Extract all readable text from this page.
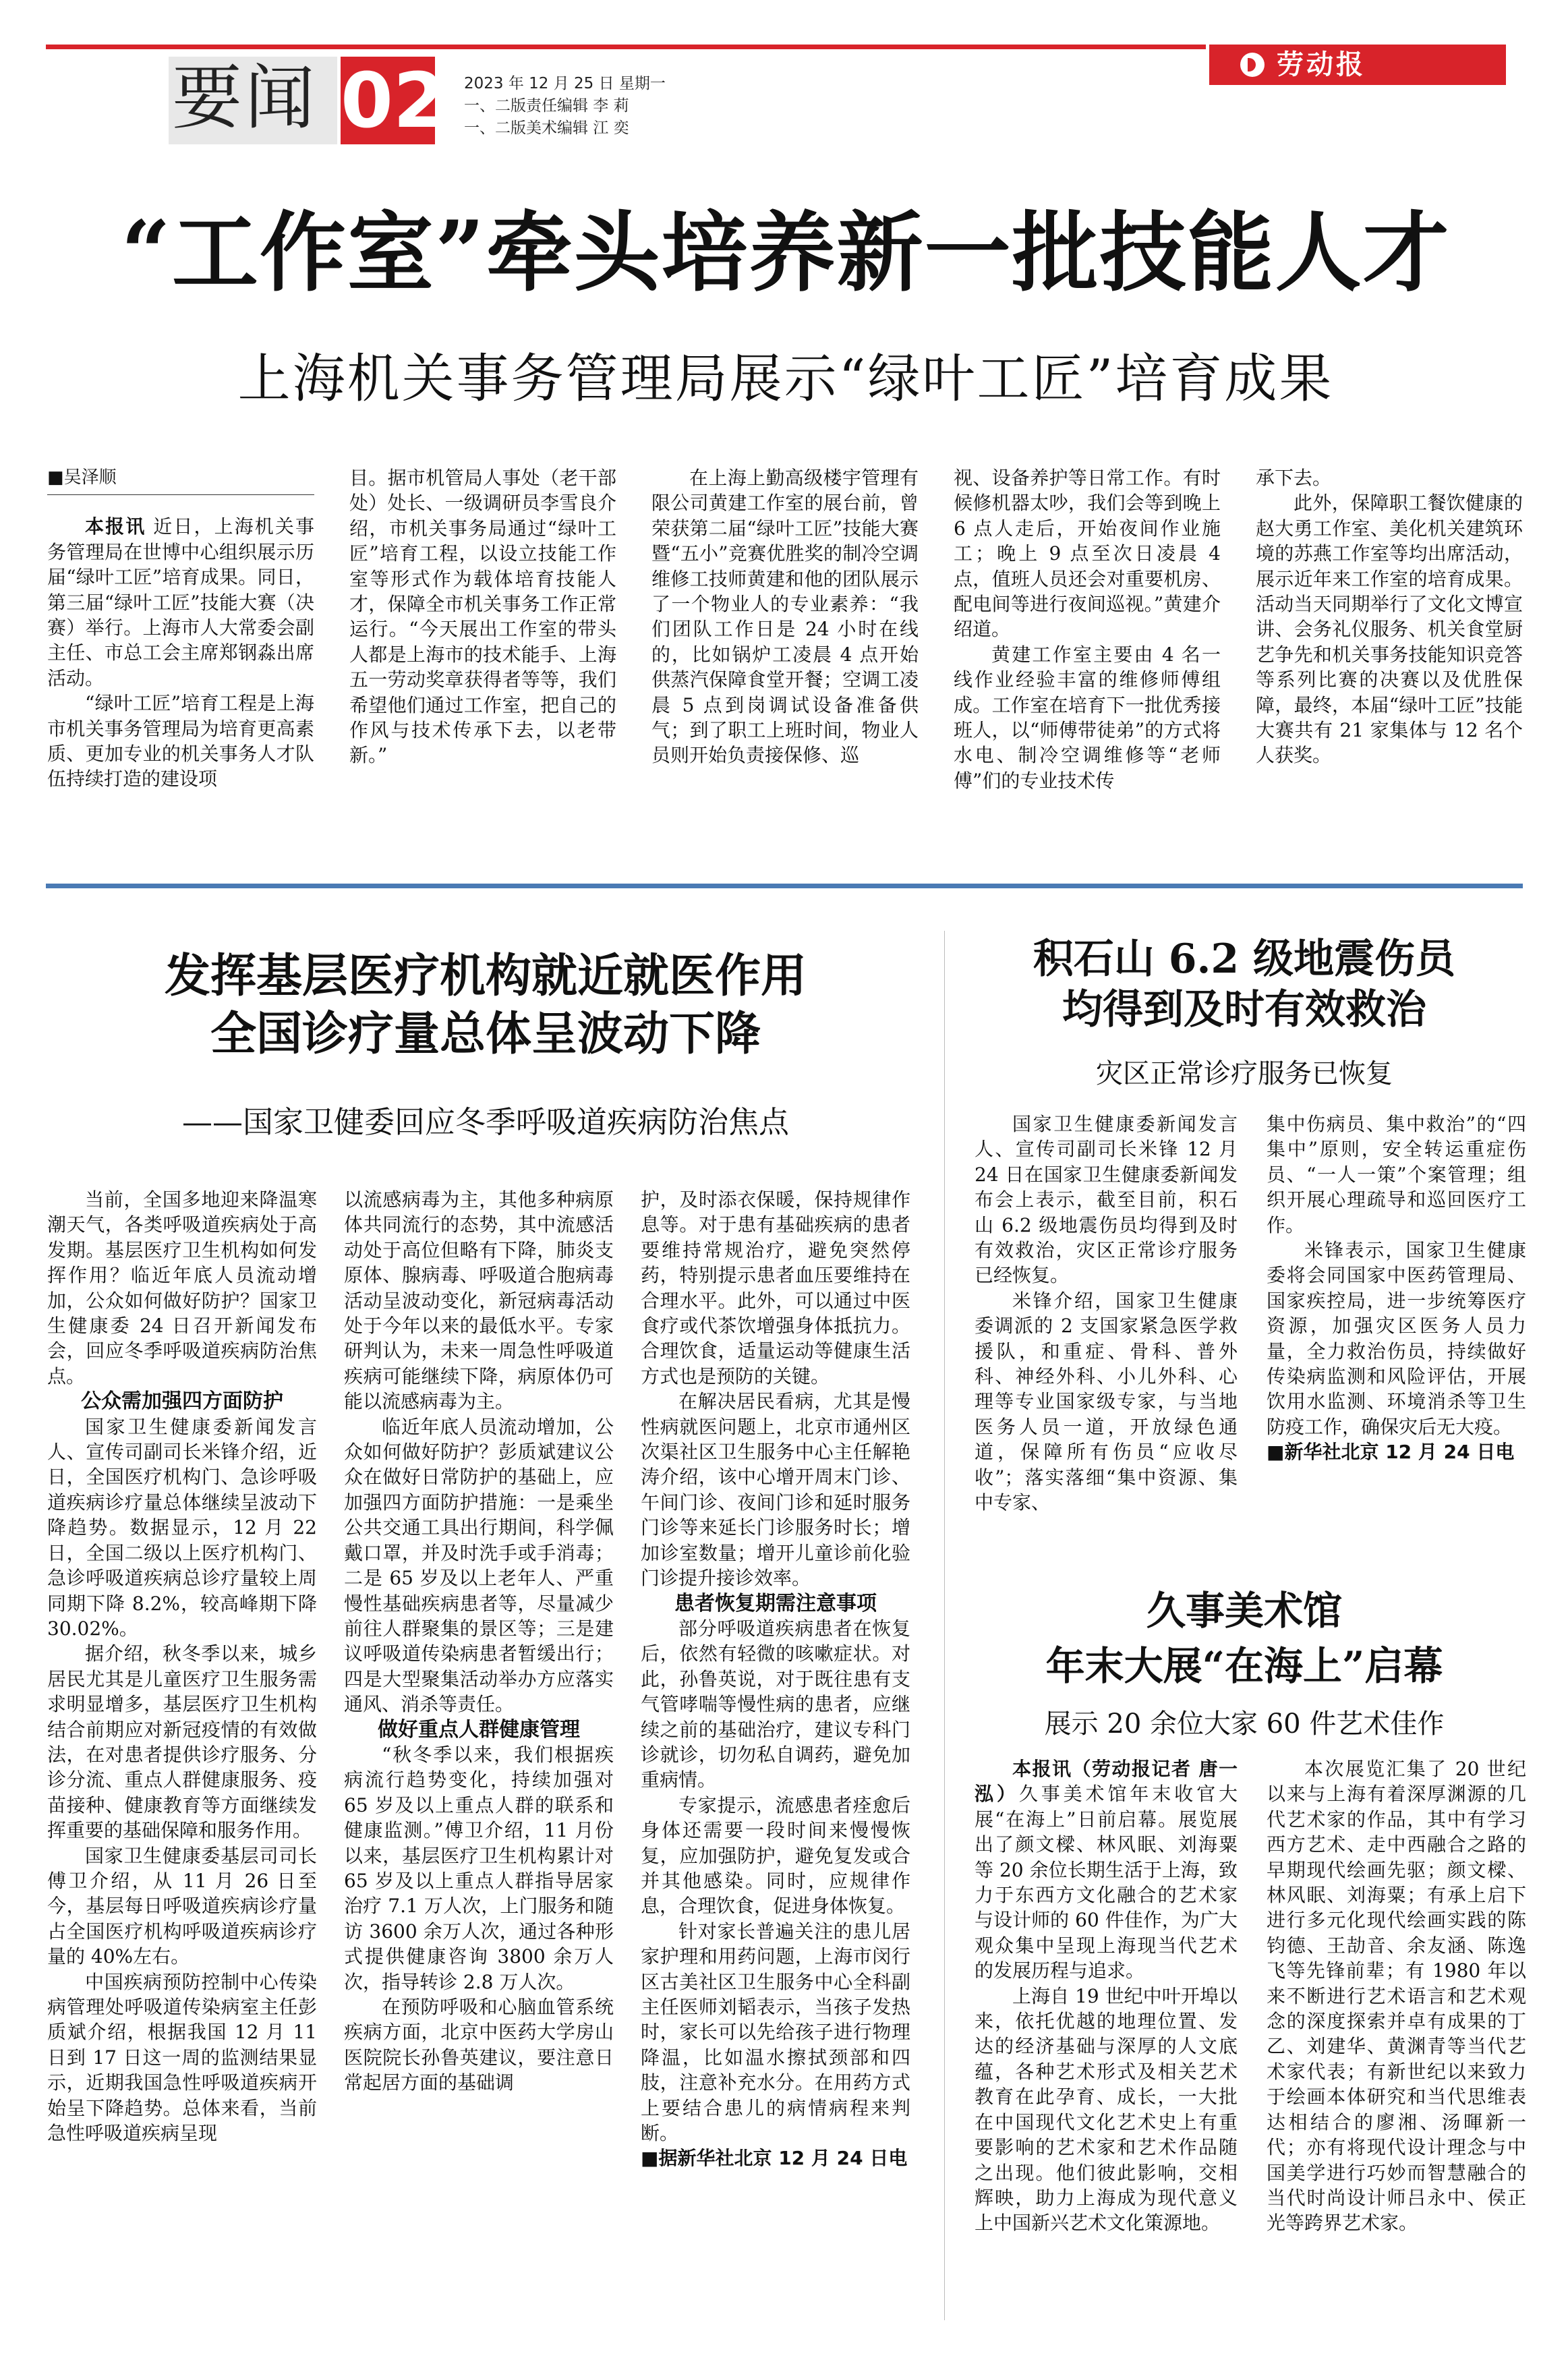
要闻 02 2023 年 12 月 25 日 星期一
一、二版责任编辑 李 莉
一、二版美术编辑 江 奕
劳动报
“工作室”牵头培养新一批技能人才
上海机关事务管理局展示“绿叶工匠”培育成果
■吴泽顺

本报讯 近日，上海机关事务管理局在世博中心组织展示历届“绿叶工匠”培育成果。同日，第三届“绿叶工匠”技能大赛（决赛）举行。上海市人大常委会副主任、市总工会主席郑钢淼出席活动。

“绿叶工匠”培育工程是上海市机关事务管理局为培育更高素质、更加专业的机关事务人才队伍持续打造的建设项

目。据市机管局人事处（老干部处）处长、一级调研员李雪良介绍，市机关事务局通过“绿叶工匠”培育工程，以设立技能工作室等形式作为载体培育技能人才，保障全市机关事务工作正常运行。“今天展出工作室的带头人都是上海市的技术能手、上海五一劳动奖章获得者等等，我们希望他们通过工作室，把自己的作风与技术传承下去，以老带新。”

在上海上勤高级楼宇管理有限公司黄建工作室的展台前，曾荣获第二届“绿叶工匠”技能大赛暨“五小”竞赛优胜奖的制冷空调维修工技师黄建和他的团队展示了一个物业人的专业素养：“我们团队工作日是 24 小时在线的，比如锅炉工凌晨 4 点开始供蒸汽保障食堂开餐；空调工凌晨 5 点到岗调试设备准备供气；到了职工上班时间，物业人员则开始负责接保修、巡

视、设备养护等日常工作。有时候修机器太吵，我们会等到晚上 6 点人走后，开始夜间作业施工；晚上 9 点至次日凌晨 4 点，值班人员还会对重要机房、配电间等进行夜间巡视。”黄建介绍道。

黄建工作室主要由 4 名一线作业经验丰富的维修师傅组成。工作室在培育下一批优秀接班人，以“师傅带徒弟”的方式将水电、制冷空调维修等“老师傅”们的专业技术传

承下去。

此外，保障职工餐饮健康的赵大勇工作室、美化机关建筑环境的苏燕工作室等均出席活动，展示近年来工作室的培育成果。活动当天同期举行了文化文博宣讲、会务礼仪服务、机关食堂厨艺争先和机关事务技能知识竞答等系列比赛的决赛以及优胜保障，最终，本届“绿叶工匠”技能大赛共有 21 家集体与 12 名个人获奖。

发挥基层医疗机构就近就医作用
全国诊疗量总体呈波动下降
——国家卫健委回应冬季呼吸道疾病防治焦点

当前，全国多地迎来降温寒潮天气，各类呼吸道疾病处于高发期。基层医疗卫生机构如何发挥作用？临近年底人员流动增加，公众如何做好防护？国家卫生健康委 24 日召开新闻发布会，回应冬季呼吸道疾病防治焦点。

公众需加强四方面防护

国家卫生健康委新闻发言人、宣传司副司长米锋介绍，近日，全国医疗机构门、急诊呼吸道疾病诊疗量总体继续呈波动下降趋势。数据显示，12 月 22 日，全国二级以上医疗机构门、急诊呼吸道疾病总诊疗量较上周同期下降 8.2%，较高峰期下降 30.02%。

据介绍，秋冬季以来，城乡居民尤其是儿童医疗卫生服务需求明显增多，基层医疗卫生机构结合前期应对新冠疫情的有效做法，在对患者提供诊疗服务、分诊分流、重点人群健康服务、疫苗接种、健康教育等方面继续发挥重要的基础保障和服务作用。

国家卫生健康委基层司司长傅卫介绍，从 11 月 26 日至今，基层每日呼吸道疾病诊疗量占全国医疗机构呼吸道疾病诊疗量的 40%左右。

中国疾病预防控制中心传染病管理处呼吸道传染病室主任彭质斌介绍，根据我国 12 月 11 日到 17 日这一周的监测结果显示，近期我国急性呼吸道疾病开始呈下降趋势。总体来看，当前急性呼吸道疾病呈现

以流感病毒为主，其他多种病原体共同流行的态势，其中流感活动处于高位但略有下降，肺炎支原体、腺病毒、呼吸道合胞病毒活动呈波动变化，新冠病毒活动处于今年以来的最低水平。专家研判认为，未来一周急性呼吸道疾病可能继续下降，病原体仍可能以流感病毒为主。

临近年底人员流动增加，公众如何做好防护？彭质斌建议公众在做好日常防护的基础上，应加强四方面防护措施：一是乘坐公共交通工具出行期间，科学佩戴口罩，并及时洗手或手消毒；二是 65 岁及以上老年人、严重慢性基础疾病患者等，尽量减少前往人群聚集的景区等；三是建议呼吸道传染病患者暂缓出行；四是大型聚集活动举办方应落实通风、消杀等责任。

做好重点人群健康管理

“秋冬季以来，我们根据疾病流行趋势变化，持续加强对 65 岁及以上重点人群的联系和健康监测。”傅卫介绍，11 月份以来，基层医疗卫生机构累计对 65 岁及以上重点人群指导居家治疗 7.1 万人次，上门服务和随访 3600 余万人次，通过各种形式提供健康咨询 3800 余万人次，指导转诊 2.8 万人次。

在预防呼吸和心脑血管系统疾病方面，北京中医药大学房山医院院长孙鲁英建议，要注意日常起居方面的基础调

护，及时添衣保暖，保持规律作息等。对于患有基础疾病的患者要维持常规治疗，避免突然停药，特别提示患者血压要维持在合理水平。此外，可以通过中医食疗或代茶饮增强身体抵抗力。合理饮食，适量运动等健康生活方式也是预防的关键。

在解决居民看病，尤其是慢性病就医问题上，北京市通州区次渠社区卫生服务中心主任解艳涛介绍，该中心增开周末门诊、午间门诊、夜间门诊和延时服务门诊等来延长门诊服务时长；增加诊室数量；增开儿童诊前化验门诊提升接诊效率。

患者恢复期需注意事项

部分呼吸道疾病患者在恢复后，依然有轻微的咳嗽症状。对此，孙鲁英说，对于既往患有支气管哮喘等慢性病的患者，应继续之前的基础治疗，建议专科门诊就诊，切勿私自调药，避免加重病情。

专家提示，流感患者痊愈后身体还需要一段时间来慢慢恢复，应加强防护，避免复发或合并其他感染。同时，应规律作息，合理饮食，促进身体恢复。

针对家长普遍关注的患儿居家护理和用药问题，上海市闵行区古美社区卫生服务中心全科副主任医师刘韬表示，当孩子发热时，家长可以先给孩子进行物理降温，比如温水擦拭颈部和四肢，注意补充水分。在用药方式上要结合患儿的病情病程来判断。

■据新华社北京 12 月 24 日电

积石山 6.2 级地震伤员
均得到及时有效救治
灾区正常诊疗服务已恢复

国家卫生健康委新闻发言人、宣传司副司长米锋 12 月 24 日在国家卫生健康委新闻发布会上表示，截至目前，积石山 6.2 级地震伤员均得到及时有效救治，灾区正常诊疗服务已经恢复。

米锋介绍，国家卫生健康委调派的 2 支国家紧急医学救援队，和重症、骨科、普外科、神经外科、小儿外科、心理等专业国家级专家，与当地医务人员一道，开放绿色通道，保障所有伤员“应收尽收”；落实落细“集中资源、集中专家、

集中伤病员、集中救治”的“四集中”原则，安全转运重症伤员、“一人一策”个案管理；组织开展心理疏导和巡回医疗工作。

米锋表示，国家卫生健康委将会同国家中医药管理局、国家疾控局，进一步统筹医疗资源，加强灾区医务人员力量，全力救治伤员，持续做好传染病监测和风险评估，开展饮用水监测、环境消杀等卫生防疫工作，确保灾后无大疫。

■新华社北京 12 月 24 日电

久事美术馆
年末大展“在海上”启幕
展示 20 余位大家 60 件艺术佳作

本报讯（劳动报记者 唐一泓）久事美术馆年末收官大展“在海上”日前启幕。展览展出了颜文樑、林风眠、刘海粟等 20 余位长期生活于上海，致力于东西方文化融合的艺术家与设计师的 60 件佳作，为广大观众集中呈现上海现当代艺术的发展历程与追求。

上海自 19 世纪中叶开埠以来，依托优越的地理位置、发达的经济基础与深厚的人文底蕴，各种艺术形式及相关艺术教育在此孕育、成长，一大批在中国现代文化艺术史上有重要影响的艺术家和艺术作品随之出现。他们彼此影响，交相辉映，助力上海成为现代意义上中国新兴艺术文化策源地。

本次展览汇集了 20 世纪以来与上海有着深厚渊源的几代艺术家的作品，其中有学习西方艺术、走中西融合之路的早期现代绘画先驱；颜文樑、林风眠、刘海粟；有承上启下进行多元化现代绘画实践的陈钧德、王劼音、余友涵、陈逸飞等先锋前辈；有 1980 年以来不断进行艺术语言和艺术观念的深度探索并卓有成果的丁乙、刘建华、黄渊青等当代艺术家代表；有新世纪以来致力于绘画本体研究和当代思维表达相结合的廖湘、汤暉新一代；亦有将现代设计理念与中国美学进行巧妙而智慧融合的当代时尚设计师吕永中、侯正光等跨界艺术家。
